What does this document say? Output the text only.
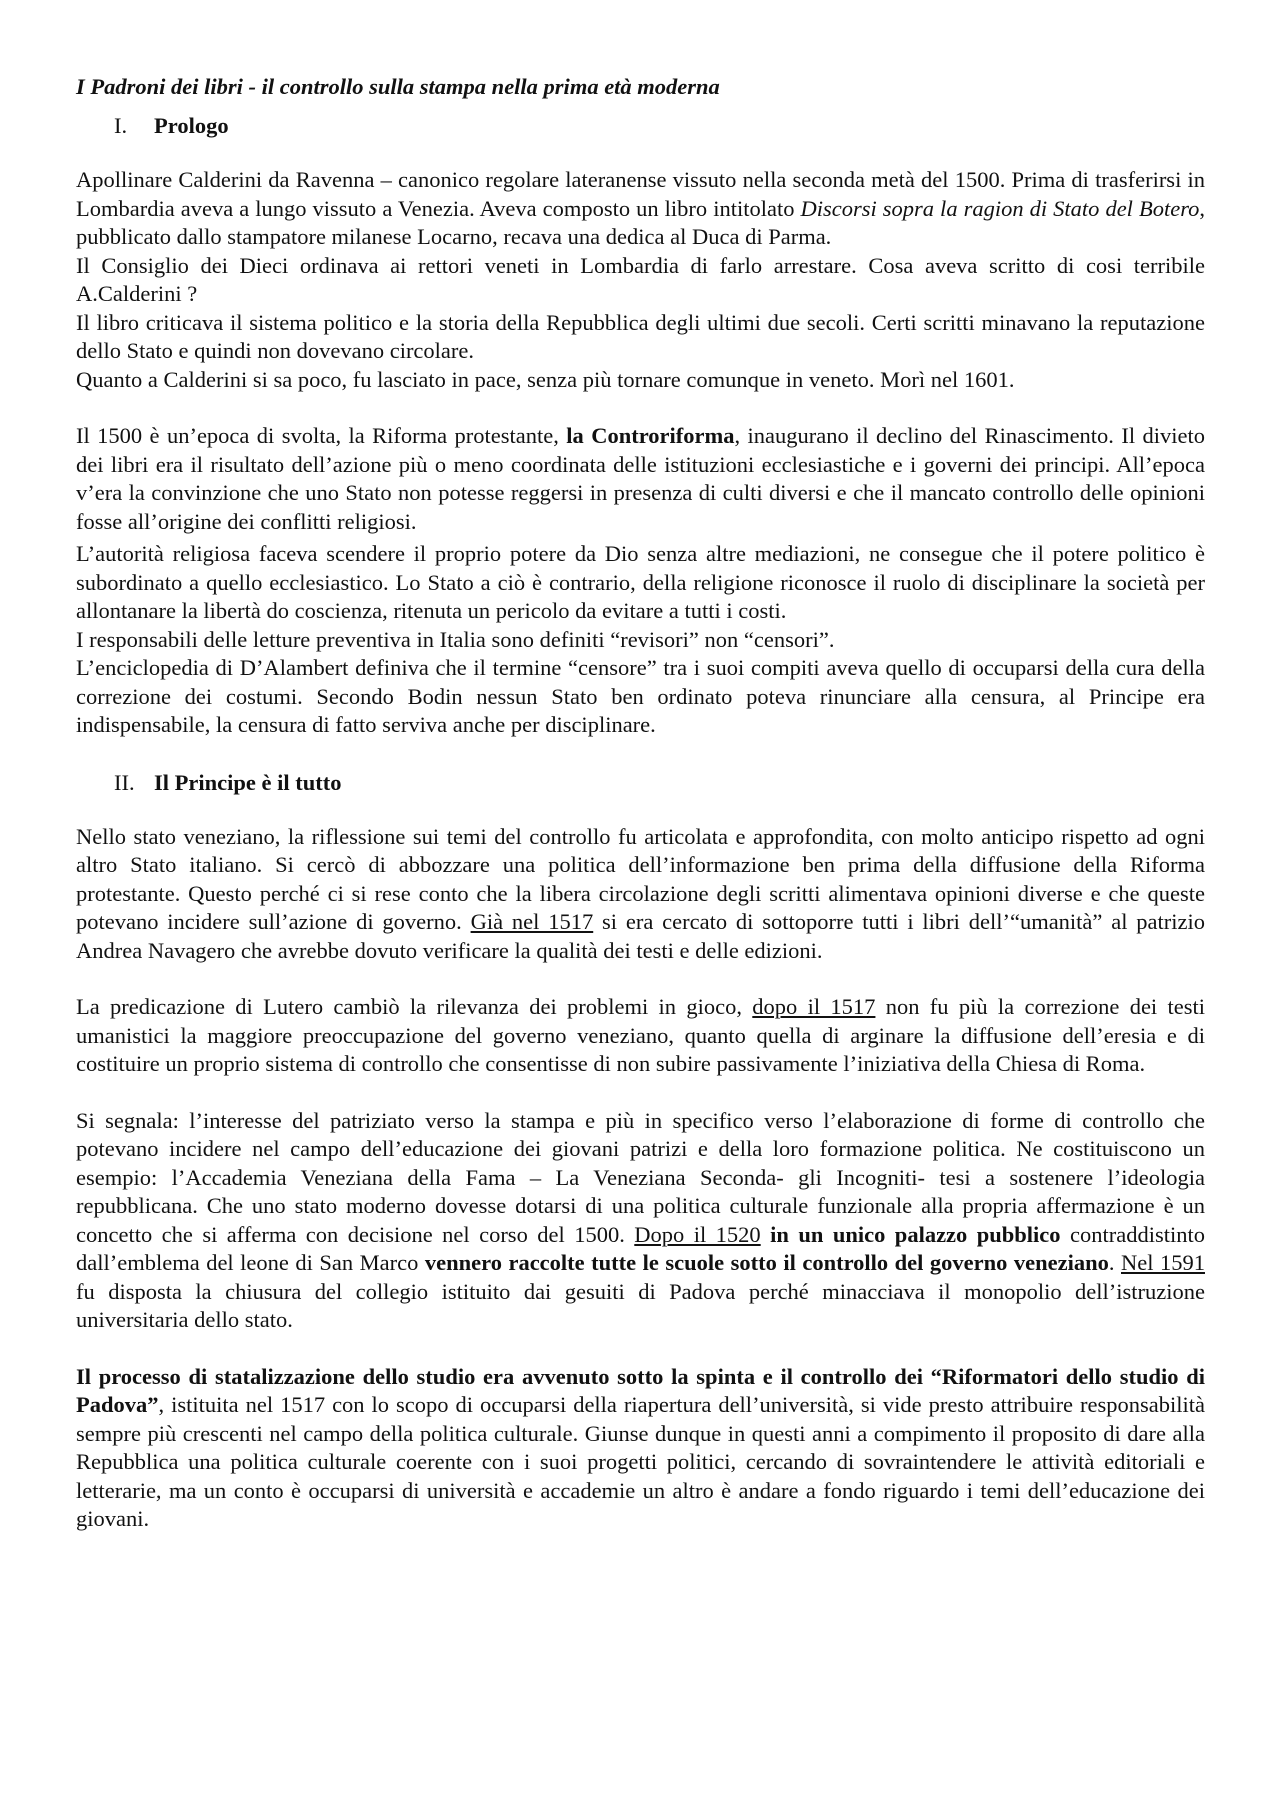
I Padroni dei libri - il controllo sulla stampa nella prima età moderna
I.	Prologo

Apollinare Calderini da Ravenna – canonico regolare lateranense vissuto nella seconda metà del 1500. Prima di trasferirsi in Lombardia aveva a lungo vissuto a Venezia. Aveva composto un libro intitolato Discorsi sopra la ragion di Stato del Botero, pubblicato dallo stampatore milanese Locarno, recava una dedica al Duca di Parma.

Il Consiglio dei Dieci ordinava ai rettori veneti in Lombardia di farlo arrestare. Cosa aveva scritto di cosi terribile A.Calderini ?

Il libro criticava il sistema politico e la storia della Repubblica degli ultimi due secoli. Certi scritti minavano la reputazione dello Stato e quindi non dovevano circolare.

Quanto a Calderini si sa poco, fu lasciato in pace, senza più tornare comunque in veneto. Morì nel 1601.

Il 1500 è un’epoca di svolta, la Riforma protestante, la Controriforma, inaugurano il declino del Rinascimento. Il divieto dei libri era il risultato dell’azione più o meno coordinata delle istituzioni ecclesiastiche e i governi dei principi. All’epoca v’era la convinzione che uno Stato non potesse reggersi in presenza di culti diversi e che il mancato controllo delle opinioni fosse all’origine dei conflitti religiosi.

L’autorità religiosa faceva scendere il proprio potere da Dio senza altre mediazioni, ne consegue che il potere politico è subordinato a quello ecclesiastico. Lo Stato a ciò è contrario, della religione riconosce il ruolo di disciplinare la società per allontanare la libertà do coscienza, ritenuta un pericolo da evitare a tutti i costi.

I responsabili delle letture preventiva in Italia sono definiti “revisori” non “censori”.

L’enciclopedia di D’Alambert definiva che il termine “censore” tra i suoi compiti aveva quello di occuparsi della cura della correzione dei costumi. Secondo Bodin nessun Stato ben ordinato poteva rinunciare alla censura, al Principe era indispensabile, la censura di fatto serviva anche per disciplinare.

II. Il Principe è il tutto

Nello stato veneziano, la riflessione sui temi del controllo fu articolata e approfondita, con molto anticipo rispetto ad ogni altro Stato italiano. Si cercò di abbozzare una politica dell’informazione ben prima della diffusione della Riforma protestante. Questo perché ci si rese conto che la libera circolazione degli scritti alimentava opinioni diverse e che queste potevano incidere sull’azione di governo. Già nel 1517 si era cercato di sottoporre tutti i libri dell’“umanità” al patrizio Andrea Navagero che avrebbe dovuto verificare la qualità dei testi e delle edizioni.

La predicazione di Lutero cambiò la rilevanza dei problemi in gioco, dopo il 1517 non fu più la correzione dei testi umanistici la maggiore preoccupazione del governo veneziano, quanto quella di arginare la diffusione dell’eresia e di costituire un proprio sistema di controllo che consentisse di non subire passivamente l’iniziativa della Chiesa di Roma.

Si segnala: l’interesse del patriziato verso la stampa e più in specifico verso l’elaborazione di forme di controllo che potevano incidere nel campo dell’educazione dei giovani patrizi e della loro formazione politica. Ne costituiscono un esempio: l’Accademia Veneziana della Fama – La Veneziana Seconda- gli Incogniti- tesi a sostenere l’ideologia repubblicana. Che uno stato moderno dovesse dotarsi di una politica culturale funzionale alla propria affermazione è un concetto che si afferma con decisione nel corso del 1500. Dopo il 1520 in un unico palazzo pubblico contraddistinto dall’emblema del leone di San Marco vennero raccolte tutte le scuole sotto il controllo del governo veneziano. Nel 1591 fu disposta la chiusura del collegio istituito dai gesuiti di Padova perché minacciava il monopolio dell’istruzione universitaria dello stato.

Il processo di statalizzazione dello studio era avvenuto sotto la spinta e il controllo dei “Riformatori dello studio di Padova”, istituita nel 1517 con lo scopo di occuparsi della riapertura dell’università, si vide presto attribuire responsabilità sempre più crescenti nel campo della politica culturale. Giunse dunque in questi anni a compimento il proposito di dare alla Repubblica una politica culturale coerente con i suoi progetti politici, cercando di sovraintendere le attività editoriali e letterarie, ma un conto è occuparsi di università e accademie un altro è andare a fondo riguardo i temi dell’educazione dei giovani.
